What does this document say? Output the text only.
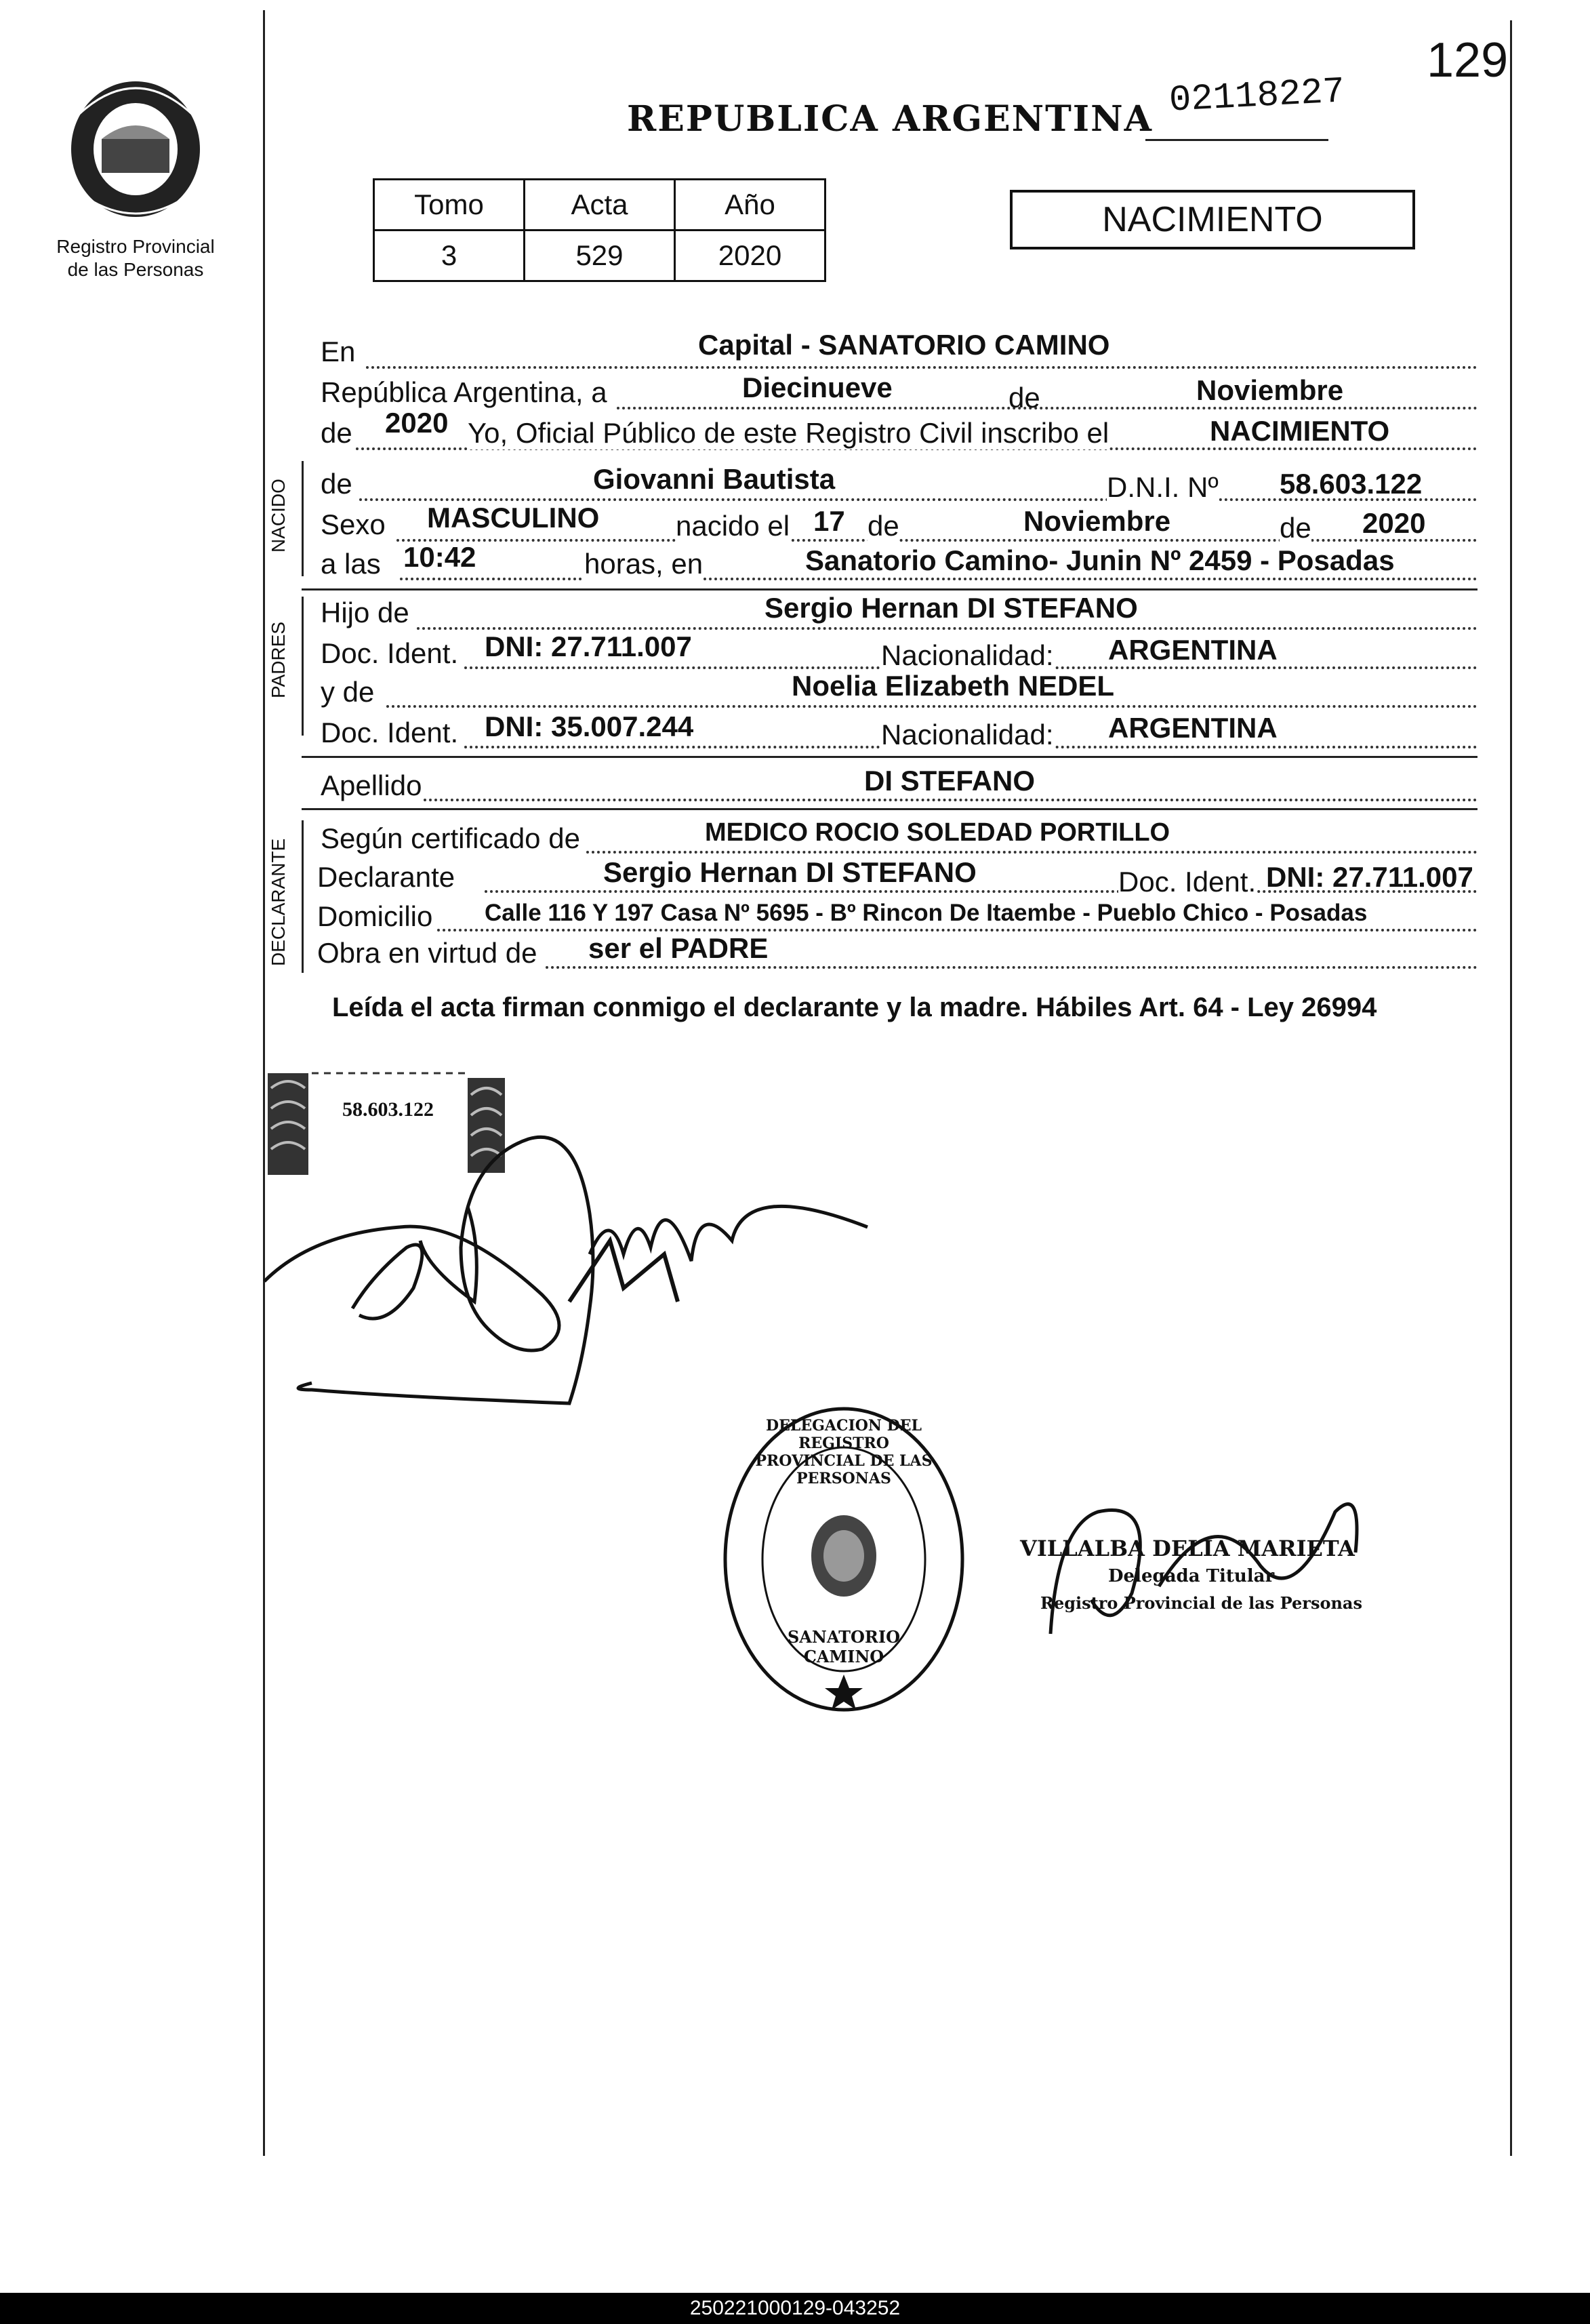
129
02118227
Registro Provincial
de las Personas
REPUBLICA ARGENTINA
Tomo	Acta	Año
3	529	2020
NACIMIENTO
En	Capital - SANATORIO CAMINO
República Argentina, a	Diecinueve	de	Noviembre
de 2020 Yo, Oficial Público de este Registro Civil inscribo el	NACIMIENTO
NACIDO de	Giovanni Bautista	D.N.I. Nº 58.603.122
Sexo MASCULINO	nacido el 17 de	Noviembre	de 2020
a las 10:42	horas, en	Sanatorio Camino- Junin Nº 2459 - Posadas
PADRES
Hijo de	Sergio Hernan DI STEFANO
Doc. Ident. DNI: 27.711.007	Nacionalidad: ARGENTINA
y de	Noelia Elizabeth NEDEL
Doc. Ident. DNI: 35.007.244	Nacionalidad: ARGENTINA
Apellido	DI STEFANO
DECLARANTE
Según certificado de	MEDICO ROCIO SOLEDAD PORTILLO
Declarante	Sergio Hernan DI STEFANO	Doc. Ident. DNI: 27.711.007
Domicilio Calle 116 Y 197 Casa Nº 5695 - Bº Rincon De Itaembe - Pueblo Chico - Posadas
Obra en virtud de ser el PADRE
Leída el acta firman conmigo el declarante y la madre. Hábiles Art. 64 - Ley 26994
58.603.122
DELEGACION DEL REGISTRO PROVINCIAL DE LAS PERSONAS
SANATORIO CAMINO
VILLALBA DELIA MARIETA
Delegada Titular
Registro Provincial de las Personas
250221000129-043252
